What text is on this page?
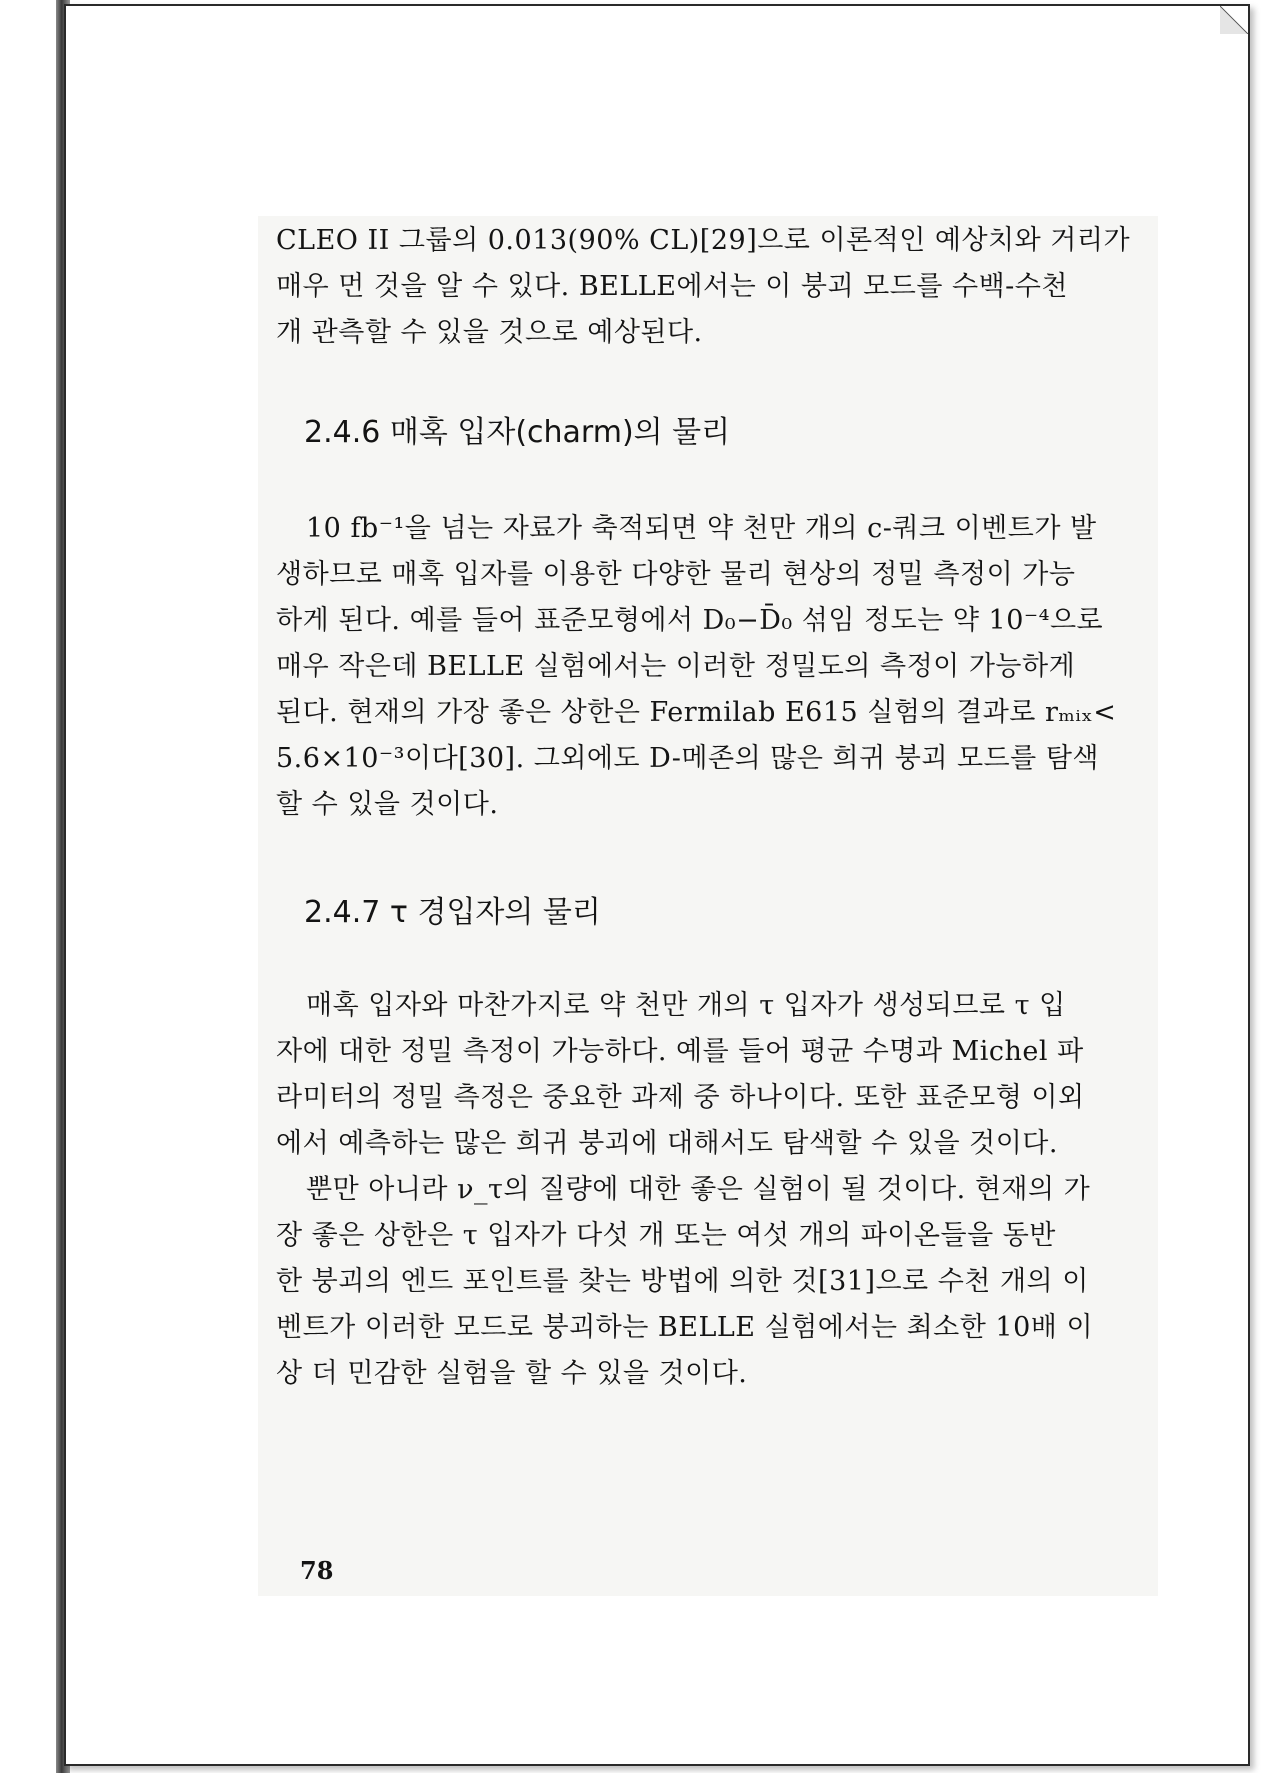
CLEO II 그룹의 0.013(90% CL)[29]으로 이론적인 예상치와 거리가
매우 먼 것을 알 수 있다. BELLE에서는 이 붕괴 모드를 수백-수천
개 관측할 수 있을 것으로 예상된다.
2.4.6 매혹 입자(charm)의 물리
10 fb⁻¹을 넘는 자료가 축적되면 약 천만 개의 c-쿼크 이벤트가 발
생하므로 매혹 입자를 이용한 다양한 물리 현상의 정밀 측정이 가능
하게 된다. 예를 들어 표준모형에서 D₀−D̄₀ 섞임 정도는 약 10⁻⁴으로
매우 작은데 BELLE 실험에서는 이러한 정밀도의 측정이 가능하게
된다. 현재의 가장 좋은 상한은 Fermilab E615 실험의 결과로 rₘᵢₓ<
5.6×10⁻³이다[30]. 그외에도 D-메존의 많은 희귀 붕괴 모드를 탐색
할 수 있을 것이다.
2.4.7 τ 경입자의 물리
매혹 입자와 마찬가지로 약 천만 개의 τ 입자가 생성되므로 τ 입
자에 대한 정밀 측정이 가능하다. 예를 들어 평균 수명과 Michel 파
라미터의 정밀 측정은 중요한 과제 중 하나이다. 또한 표준모형 이외
에서 예측하는 많은 희귀 붕괴에 대해서도 탐색할 수 있을 것이다.
뿐만 아니라 ν_τ의 질량에 대한 좋은 실험이 될 것이다. 현재의 가
장 좋은 상한은 τ 입자가 다섯 개 또는 여섯 개의 파이온들을 동반
한 붕괴의 엔드 포인트를 찾는 방법에 의한 것[31]으로 수천 개의 이
벤트가 이러한 모드로 붕괴하는 BELLE 실험에서는 최소한 10배 이
상 더 민감한 실험을 할 수 있을 것이다.
78
